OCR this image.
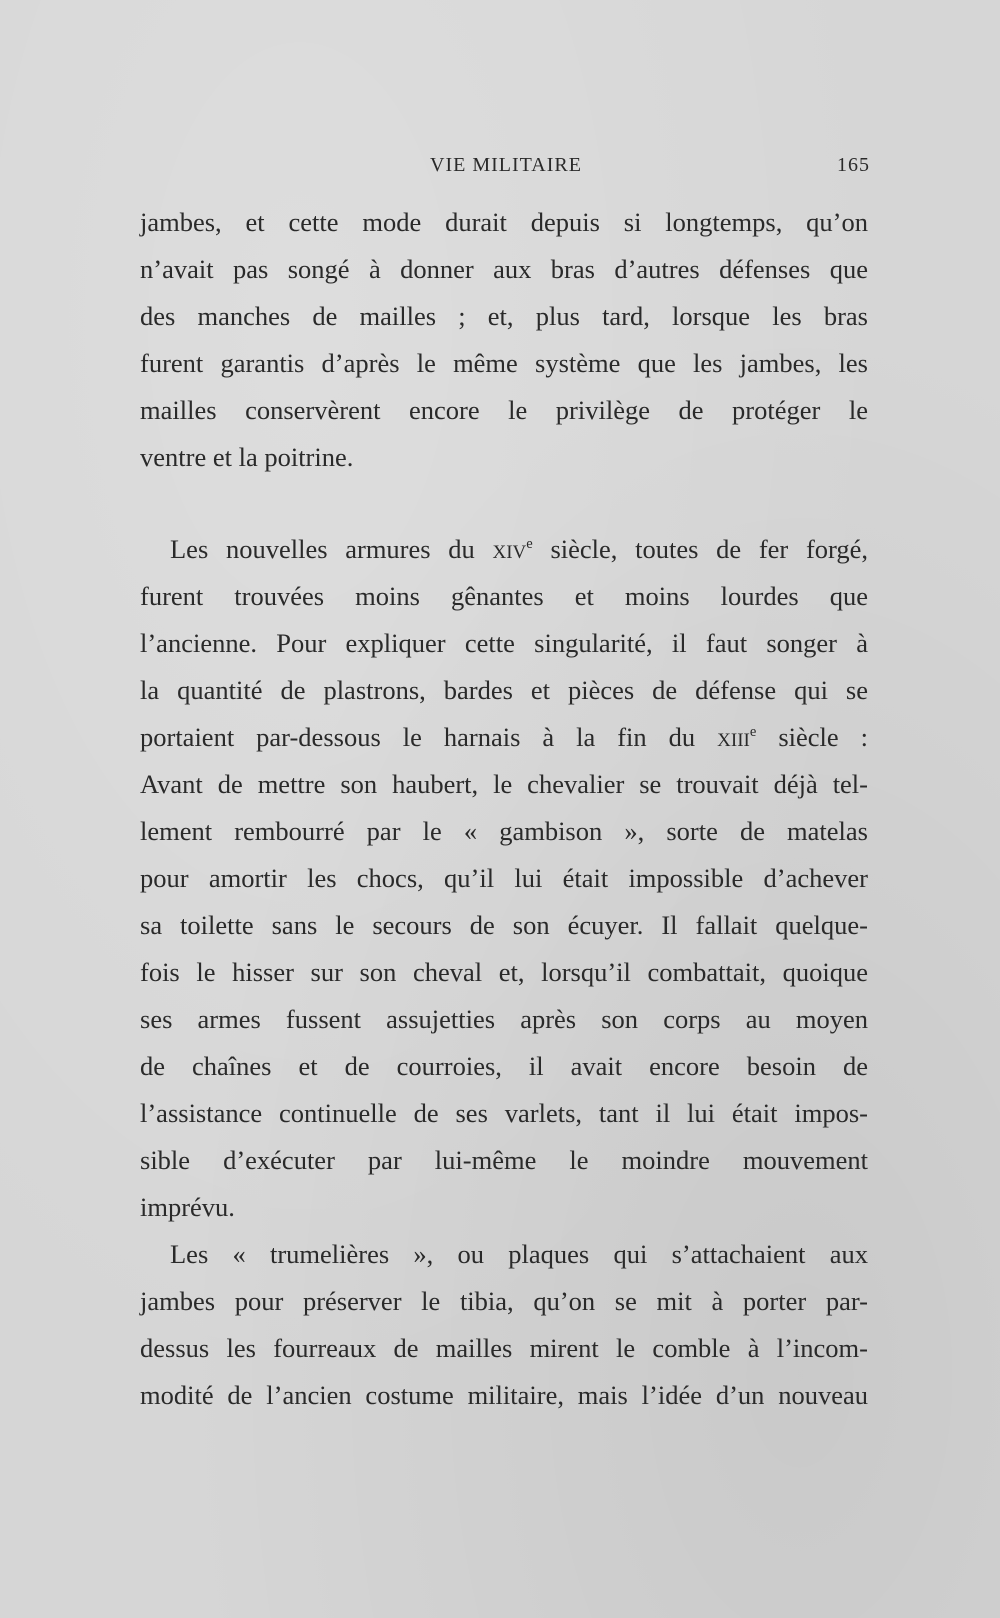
VIE MILITAIRE	165
jambes, et cette mode durait depuis si longtemps, qu’on
n’avait pas songé à donner aux bras d’autres défenses que
des manches de mailles ; et, plus tard, lorsque les bras
furent garantis d’après le même système que les jambes, les
mailles conservèrent encore le privilège de protéger le
ventre et la poitrine.
Les nouvelles armures du xiv$^e$ siècle, toutes de fer forgé,
furent trouvées moins gênantes et moins lourdes que
l’ancienne. Pour expliquer cette singularité, il faut songer à
la quantité de plastrons, bardes et pièces de défense qui se
portaient par-dessous le harnais à la fin du xiii$^e$ siècle :
Avant de mettre son haubert, le chevalier se trouvait déjà tel-
lement rembourré par le « gambison », sorte de matelas
pour amortir les chocs, qu’il lui était impossible d’achever
sa toilette sans le secours de son écuyer. Il fallait quelque-
fois le hisser sur son cheval et, lorsqu’il combattait, quoique
ses armes fussent assujetties après son corps au moyen
de chaînes et de courroies, il avait encore besoin de
l’assistance continuelle de ses varlets, tant il lui était impos-
sible d’exécuter par lui-même le moindre mouvement
imprévu.
Les « trumelières », ou plaques qui s’attachaient aux
jambes pour préserver le tibia, qu’on se mit à porter par-
dessus les fourreaux de mailles mirent le comble à l’incom-
modité de l’ancien costume militaire, mais l’idée d’un nouveau
